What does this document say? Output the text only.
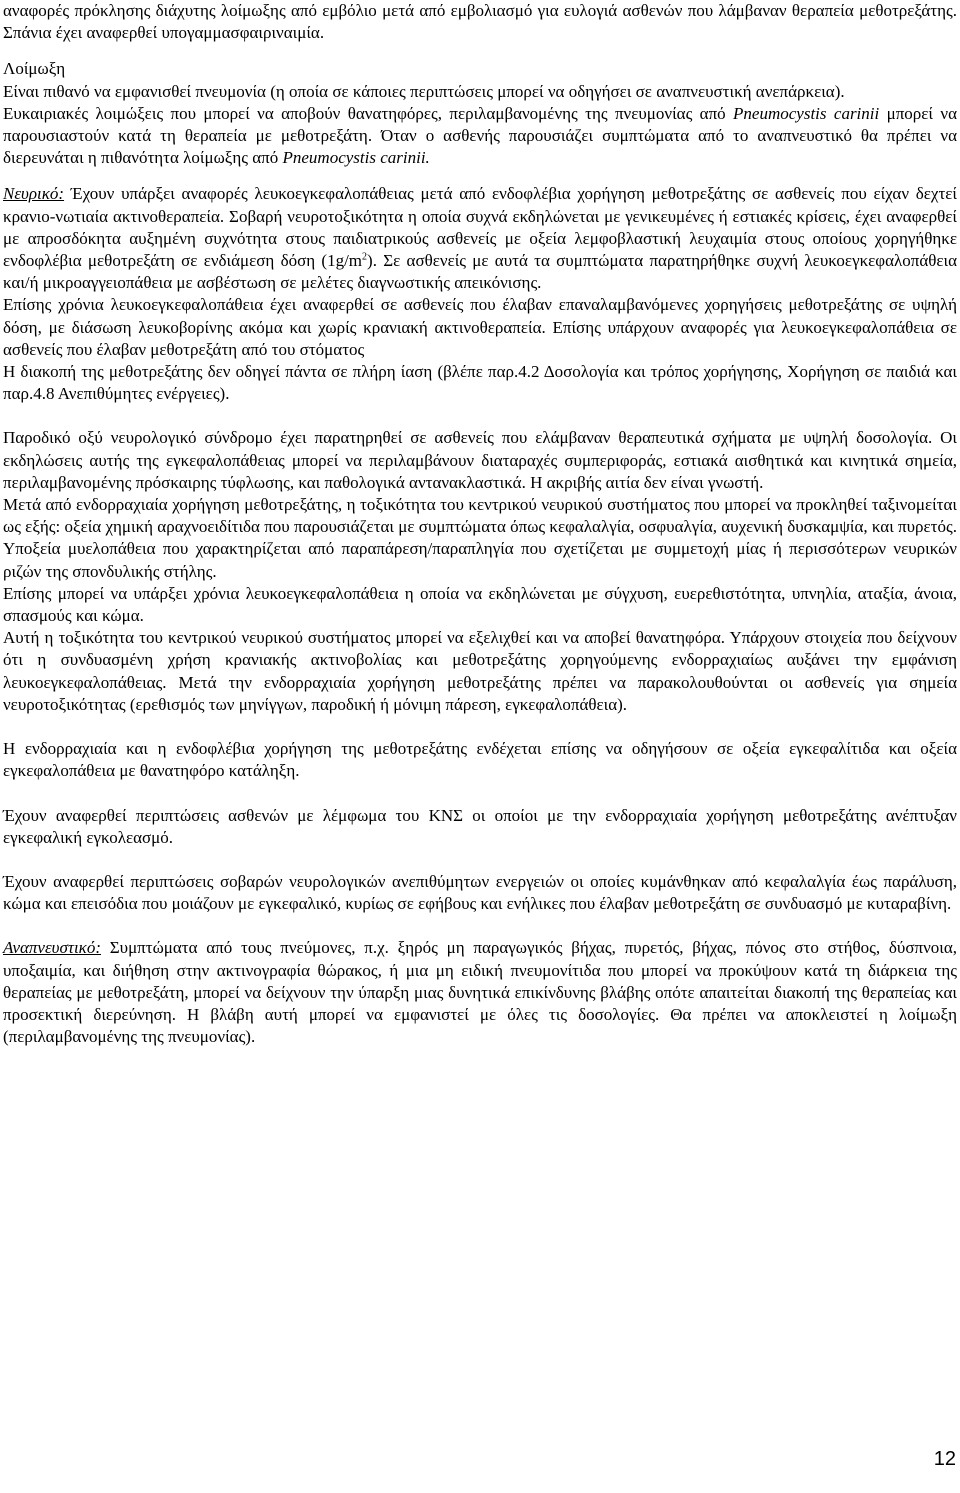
αναφορές πρόκλησης διάχυτης λοίμωξης από εμβόλιο μετά από εμβολιασμό για ευλογιά ασθενών που λάμβαναν θεραπεία μεθοτρεξάτης. Σπάνια έχει αναφερθεί υπογαμμασφαιριναιμία.

Λοίμωξη

Είναι πιθανό να εμφανισθεί πνευμονία (η οποία σε κάποιες περιπτώσεις μπορεί να οδηγήσει σε αναπνευστική ανεπάρκεια).

Ευκαιριακές λοιμώξεις που μπορεί να αποβούν θανατηφόρες, περιλαμβανομένης της πνευμονίας από Pneumocystis carinii μπορεί να παρουσιαστούν κατά τη θεραπεία με μεθοτρεξάτη. Όταν ο ασθενής παρουσιάζει συμπτώματα από το αναπνευστικό θα πρέπει να διερευνάται η πιθανότητα λοίμωξης από Pneumocystis carinii.

Νευρικό: Έχουν υπάρξει αναφορές λευκοεγκεφαλοπάθειας μετά από ενδοφλέβια χορήγηση μεθοτρεξάτης σε ασθενείς που είχαν δεχτεί κρανιο-νωτιαία ακτινοθεραπεία. Σοβαρή νευροτοξικότητα η οποία συχνά εκδηλώνεται με γενικευμένες ή εστιακές κρίσεις, έχει αναφερθεί με απροσδόκητα αυξημένη συχνότητα στους παιδιατρικούς ασθενείς με οξεία λεμφοβλαστική λευχαιμία στους οποίους χορηγήθηκε ενδοφλέβια μεθοτρεξάτη σε ενδιάμεση δόση $(1g/m^2)$. Σε ασθενείς με αυτά τα συμπτώματα παρατηρήθηκε συχνή λευκοεγκεφαλοπάθεια και/ή μικροαγγειοπάθεια με ασβέστωση σε μελέτες διαγνωστικής απεικόνισης.

Επίσης χρόνια λευκοεγκεφαλοπάθεια έχει αναφερθεί σε ασθενείς που έλαβαν επαναλαμβανόμενες χορηγήσεις μεθοτρεξάτης σε υψηλή δόση, με διάσωση λευκοβορίνης ακόμα και χωρίς κρανιακή ακτινοθεραπεία. Επίσης υπάρχουν αναφορές για λευκοεγκεφαλοπάθεια σε ασθενείς που έλαβαν μεθοτρεξάτη από του στόματος

Η διακοπή της μεθοτρεξάτης δεν οδηγεί πάντα σε πλήρη ίαση (βλέπε παρ.4.2 Δοσολογία και τρόπος χορήγησης, Χορήγηση σε παιδιά και παρ.4.8 Ανεπιθύμητες ενέργειες).

Παροδικό οξύ νευρολογικό σύνδρομο έχει παρατηρηθεί σε ασθενείς που ελάμβαναν θεραπευτικά σχήματα με υψηλή δοσολογία. Οι εκδηλώσεις αυτής της εγκεφαλοπάθειας μπορεί να περιλαμβάνουν διαταραχές συμπεριφοράς, εστιακά αισθητικά και κινητικά σημεία, περιλαμβανομένης πρόσκαιρης τύφλωσης, και παθολογικά αντανακλαστικά. Η ακριβής αιτία δεν είναι γνωστή.

Μετά από ενδορραχιαία χορήγηση μεθοτρεξάτης, η τοξικότητα του κεντρικού νευρικού συστήματος που μπορεί να προκληθεί ταξινομείται ως εξής: οξεία χημική αραχνοειδίτιδα που παρουσιάζεται με συμπτώματα όπως κεφαλαλγία, οσφυαλγία, αυχενική δυσκαμψία, και πυρετός. Υποξεία μυελοπάθεια που χαρακτηρίζεται από παραπάρεση/παραπληγία που σχετίζεται με συμμετοχή μίας ή περισσότερων νευρικών ριζών της σπονδυλικής στήλης.

Επίσης μπορεί να υπάρξει χρόνια λευκοεγκεφαλοπάθεια η οποία να εκδηλώνεται με σύγχυση, ευερεθιστότητα, υπνηλία, αταξία, άνοια, σπασμούς και κώμα.

Αυτή η τοξικότητα του κεντρικού νευρικού συστήματος μπορεί να εξελιχθεί και να αποβεί θανατηφόρα. Υπάρχουν στοιχεία που δείχνουν ότι η συνδυασμένη χρήση κρανιακής ακτινοβολίας και μεθοτρεξάτης χορηγούμενης ενδορραχιαίως αυξάνει την εμφάνιση λευκοεγκεφαλοπάθειας. Μετά την ενδορραχιαία χορήγηση μεθοτρεξάτης πρέπει να παρακολουθούνται οι ασθενείς για σημεία νευροτοξικότητας (ερεθισμός των μηνίγγων, παροδική ή μόνιμη πάρεση, εγκεφαλοπάθεια).

Η ενδορραχιαία και η ενδοφλέβια χορήγηση της μεθοτρεξάτης ενδέχεται επίσης να οδηγήσουν σε οξεία εγκεφαλίτιδα και οξεία εγκεφαλοπάθεια με θανατηφόρο κατάληξη.

Έχουν αναφερθεί περιπτώσεις ασθενών με λέμφωμα του ΚΝΣ οι οποίοι με την ενδορραχιαία χορήγηση μεθοτρεξάτης ανέπτυξαν εγκεφαλική εγκολεασμό.

Έχουν αναφερθεί περιπτώσεις σοβαρών νευρολογικών ανεπιθύμητων ενεργειών οι οποίες κυμάνθηκαν από κεφαλαλγία έως παράλυση, κώμα και επεισόδια που μοιάζουν με εγκεφαλικό, κυρίως σε εφήβους και ενήλικες που έλαβαν μεθοτρεξάτη σε συνδυασμό με κυταραβίνη.

Αναπνευστικό: Συμπτώματα από τους πνεύμονες, π.χ. ξηρός μη παραγωγικός βήχας, πυρετός, βήχας, πόνος στο στήθος, δύσπνοια, υποξαιμία, και διήθηση στην ακτινογραφία θώρακος, ή μια μη ειδική πνευμονίτιδα που μπορεί να προκύψουν κατά τη διάρκεια της θεραπείας με μεθοτρεξάτη, μπορεί να δείχνουν την ύπαρξη μιας δυνητικά επικίνδυνης βλάβης οπότε απαιτείται διακοπή της θεραπείας και προσεκτική διερεύνηση. Η βλάβη αυτή μπορεί να εμφανιστεί με όλες τις δοσολογίες. Θα πρέπει να αποκλειστεί η λοίμωξη (περιλαμβανομένης της πνευμονίας).

12
